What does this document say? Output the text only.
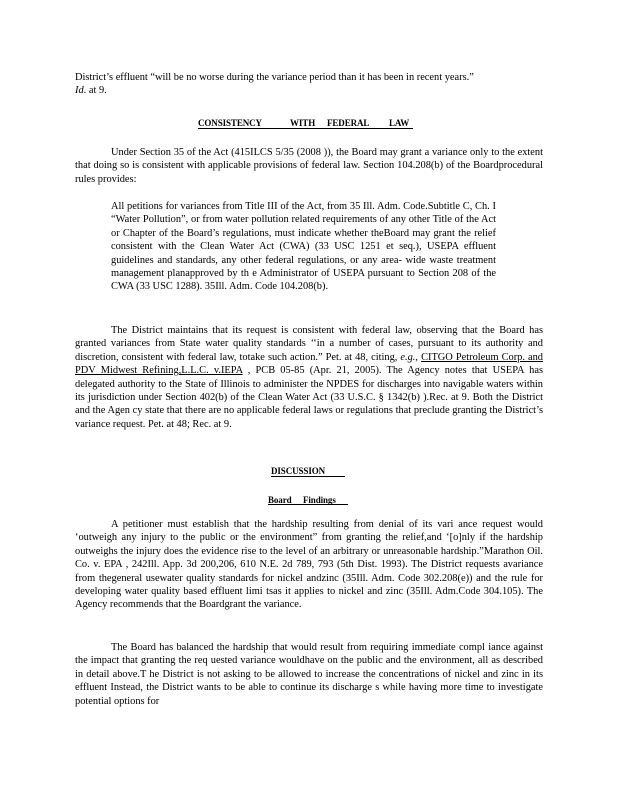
District’s effluent “will be no worse during the variance period than it has been in recent years.”
Id. at 9.

CONSISTENCY	WITH FEDERAL LAW

Under Section 35 of the Act (415ILCS 5/35 (2008 )), the Board may grant a variance only to the extent that doing so is consistent with applicable provisions of federal law. Section 104.208(b) of the Boardprocedural rules provides:

All petitions for variances from Title III of the Act, from 35 Ill. Adm. Code.Subtitle C, Ch. I “Water Pollution”, or from water pollution related requirements of any other Title of the Act or Chapter of the Board’s regulations, must indicate whether theBoard may grant the relief consistent with the Clean Water Act (CWA) (33 USC 1251 et seq.), USEPA effluent guidelines and standards, any other federal regulations, or any area- wide waste treatment management planapproved by th e Administrator of USEPA pursuant to Section 208 of the CWA (33 USC 1288). 35Ill. Adm. Code 104.208(b).

The District maintains that its request is consistent with federal law, observing that the Board has granted variances from State water quality standards ‘‘in a number of cases, pursuant to its authority and discretion, consistent with federal law, totake such action.” Pet. at 48, citing, e.g., CITGO Petroleum Corp. and PDV Midwest Refining,L.L.C. v.IEPA , PCB 05-85 (Apr. 21, 2005). The Agency notes that USEPA has delegated authority to the State of Illinois to administer the NPDES for discharges into navigable waters within its jurisdiction under Section 402(b) of the Clean Water Act (33 U.S.C. § 1342(b) ).Rec. at 9. Both the District and the Agen cy state that there are no applicable federal laws or regulations that preclude granting the District’s variance request. Pet. at 48; Rec. at 9.

DISCUSSION
Board Findings

A petitioner must establish that the hardship resulting from denial of its vari ance request would ‘outweigh any injury to the public or the environment” from granting the relief,and ‘[o]nly if the hardship outweighs the injury does the evidence rise to the level of an arbitrary or unreasonable hardship.”Marathon Oil. Co. v. EPA , 242Ill. App. 3d 200,206, 610 N.E. 2d 789, 793 (5th Dist. 1993). The District requests avariance from thegeneral usewater quality standards for nickel andzinc (35Ill. Adm. Code 302.208(e)) and the rule for developing water quality based effluent limi tsas it applies to nickel and zinc (35Ill. Adm.Code 304.105). The Agency recommends that the Boardgrant the variance.

The Board has balanced the hardship that would result from requiring immediate compl iance against the impact that granting the req uested variance wouldhave on the public and the environment, all as described in detail above.T he District is not asking to be allowed to increase the concentrations of nickel and zinc in its effluent Instead, the District wants to be able to continue its discharge s while having more time to investigate potential options for
